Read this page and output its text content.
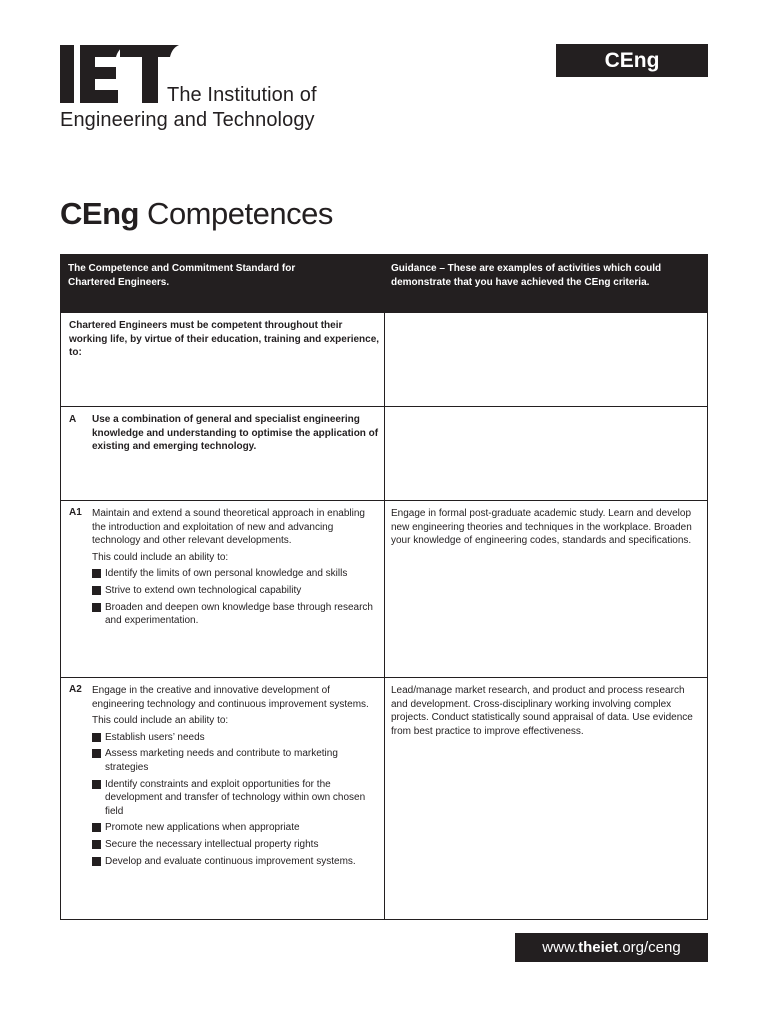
The Institution of
Engineering and Technology
CEng
CEng Competences
The Competence and Commitment Standard for Chartered Engineers.
Guidance – These are examples of activities which could demonstrate that you have achieved the CEng criteria.
Chartered Engineers must be competent throughout their working life, by virtue of their education, training and experience, to:
A Use a combination of general and specialist engineering knowledge and understanding to optimise the application of existing and emerging technology.
A1 Maintain and extend a sound theoretical approach in enabling the introduction and exploitation of new and advancing technology and other relevant developments.

This could include an ability to:

Identify the limits of own personal knowledge and skills
Strive to extend own technological capability
Broaden and deepen own knowledge base through research and experimentation.
Engage in formal post-graduate academic study. Learn and develop new engineering theories and techniques in the workplace. Broaden your knowledge of engineering codes, standards and specifications.
A2 Engage in the creative and innovative development of engineering technology and continuous improvement systems.

This could include an ability to:

Establish users’ needs
Assess marketing needs and contribute to marketing strategies
Identify constraints and exploit opportunities for the development and transfer of technology within own chosen field
Promote new applications when appropriate
Secure the necessary intellectual property rights
Develop and evaluate continuous improvement systems.
Lead/manage market research, and product and process research and development. Cross-disciplinary working involving complex projects. Conduct statistically sound appraisal of data. Use evidence from best practice to improve effectiveness.
www.theiet.org/ceng
